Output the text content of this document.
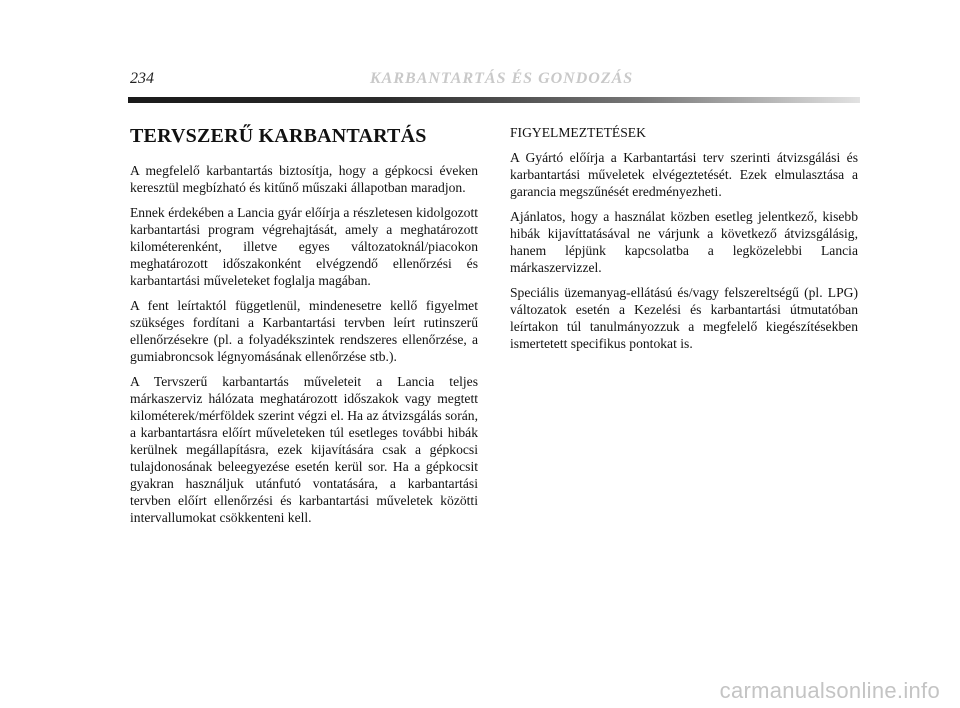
234	KARBANTARTÁS ÉS GONDOZÁS
TERVSZERŰ KARBANTARTÁS

A megfelelő karbantartás biztosítja, hogy a gépkocsi éveken keresztül megbízható és kitűnő műszaki állapotban maradjon.

Ennek érdekében a Lancia gyár előírja a részletesen kidolgozott karbantartási program végrehajtását, amely a meghatározott kilométerenként, illetve egyes változatoknál/piacokon meghatározott időszakonként elvégzendő ellenőrzési és karbantartási műveleteket foglalja magában.

A fent leírtaktól függetlenül, mindenesetre kellő figyelmet szükséges fordítani a Karbantartási tervben leírt rutinszerű ellenőrzésekre (pl. a folyadékszintek rendszeres ellenőrzése, a gumiabroncsok légnyomásának ellenőrzése stb.).

A Tervszerű karbantartás műveleteit a Lancia teljes márkaszerviz hálózata meghatározott időszakok vagy megtett kilométerek/mérföldek szerint végzi el. Ha az átvizsgálás során, a karbantartásra előírt műveleteken túl esetleges további hibák kerülnek megállapításra, ezek kijavítására csak a gépkocsi tulajdonosának beleegyezése esetén kerül sor. Ha a gépkocsit gyakran használjuk utánfutó vontatására, a karbantartási tervben előírt ellenőrzési és karbantartási műveletek közötti intervallumokat csökkenteni kell.

FIGYELMEZTETÉSEK

A Gyártó előírja a Karbantartási terv szerinti átvizsgálási és karbantartási műveletek elvégeztetését. Ezek elmulasztása a garancia megszűnését eredményezheti.

Ajánlatos, hogy a használat közben esetleg jelentkező, kisebb hibák kijavíttatásával ne várjunk a következő átvizsgálásig, hanem lépjünk kapcsolatba a legközelebbi Lancia márkaszervizzel.

Speciális üzemanyag-ellátású és/vagy felszereltségű (pl. LPG) változatok esetén a Kezelési és karbantartási útmutatóban leírtakon túl tanulmányozzuk a megfelelő kiegészítésekben ismertetett specifikus pontokat is.

carmanualsonline.info
